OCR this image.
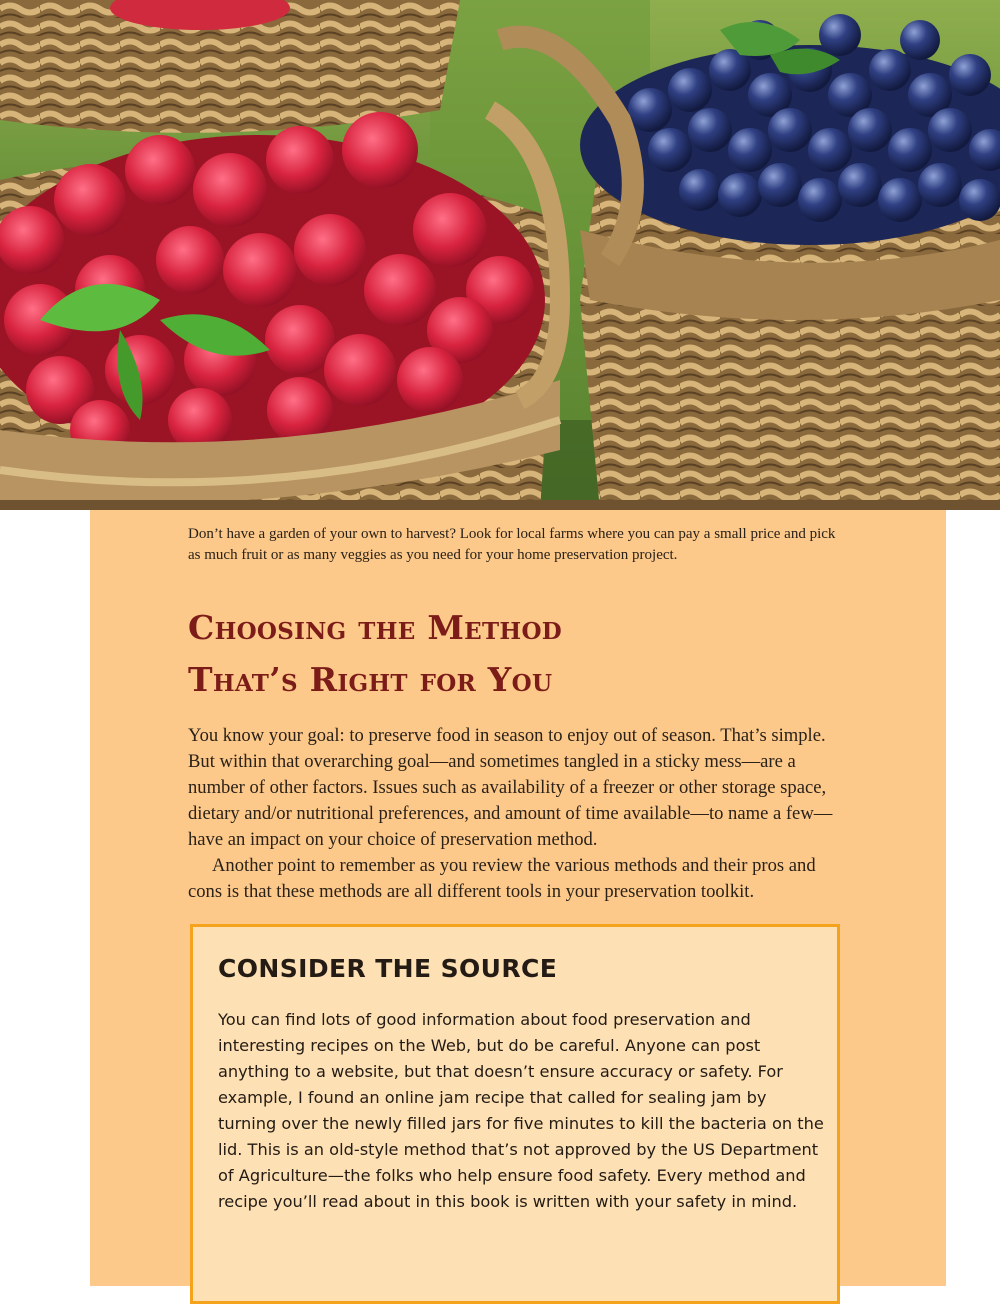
Don’t have a garden of your own to harvest? Look for local farms where you can pay a small price and pick as much fruit or as many veggies as you need for your home preservation project.

Choosing the Method
That’s Right for You

You know your goal: to preserve food in season to enjoy out of season. That’s simple. But within that overarching goal—and sometimes tangled in a sticky mess—are a number of other factors. Issues such as availability of a freezer or other storage space, dietary and/or nutritional preferences, and amount of time available—to name a few—have an impact on your choice of preservation method.

Another point to remember as you review the various methods and their pros and cons is that these methods are all different tools in your preservation toolkit.

CONSIDER THE SOURCE

You can find lots of good information about food preservation and interesting recipes on the Web, but do be careful. Anyone can post anything to a website, but that doesn’t ensure accuracy or safety. For example, I found an online jam recipe that called for sealing jam by turning over the newly filled jars for five minutes to kill the bacteria on the lid. This is an old-style method that’s not approved by the US Department of Agriculture—the folks who help ensure food safety. Every method and recipe you’ll read about in this book is written with your safety in mind.
